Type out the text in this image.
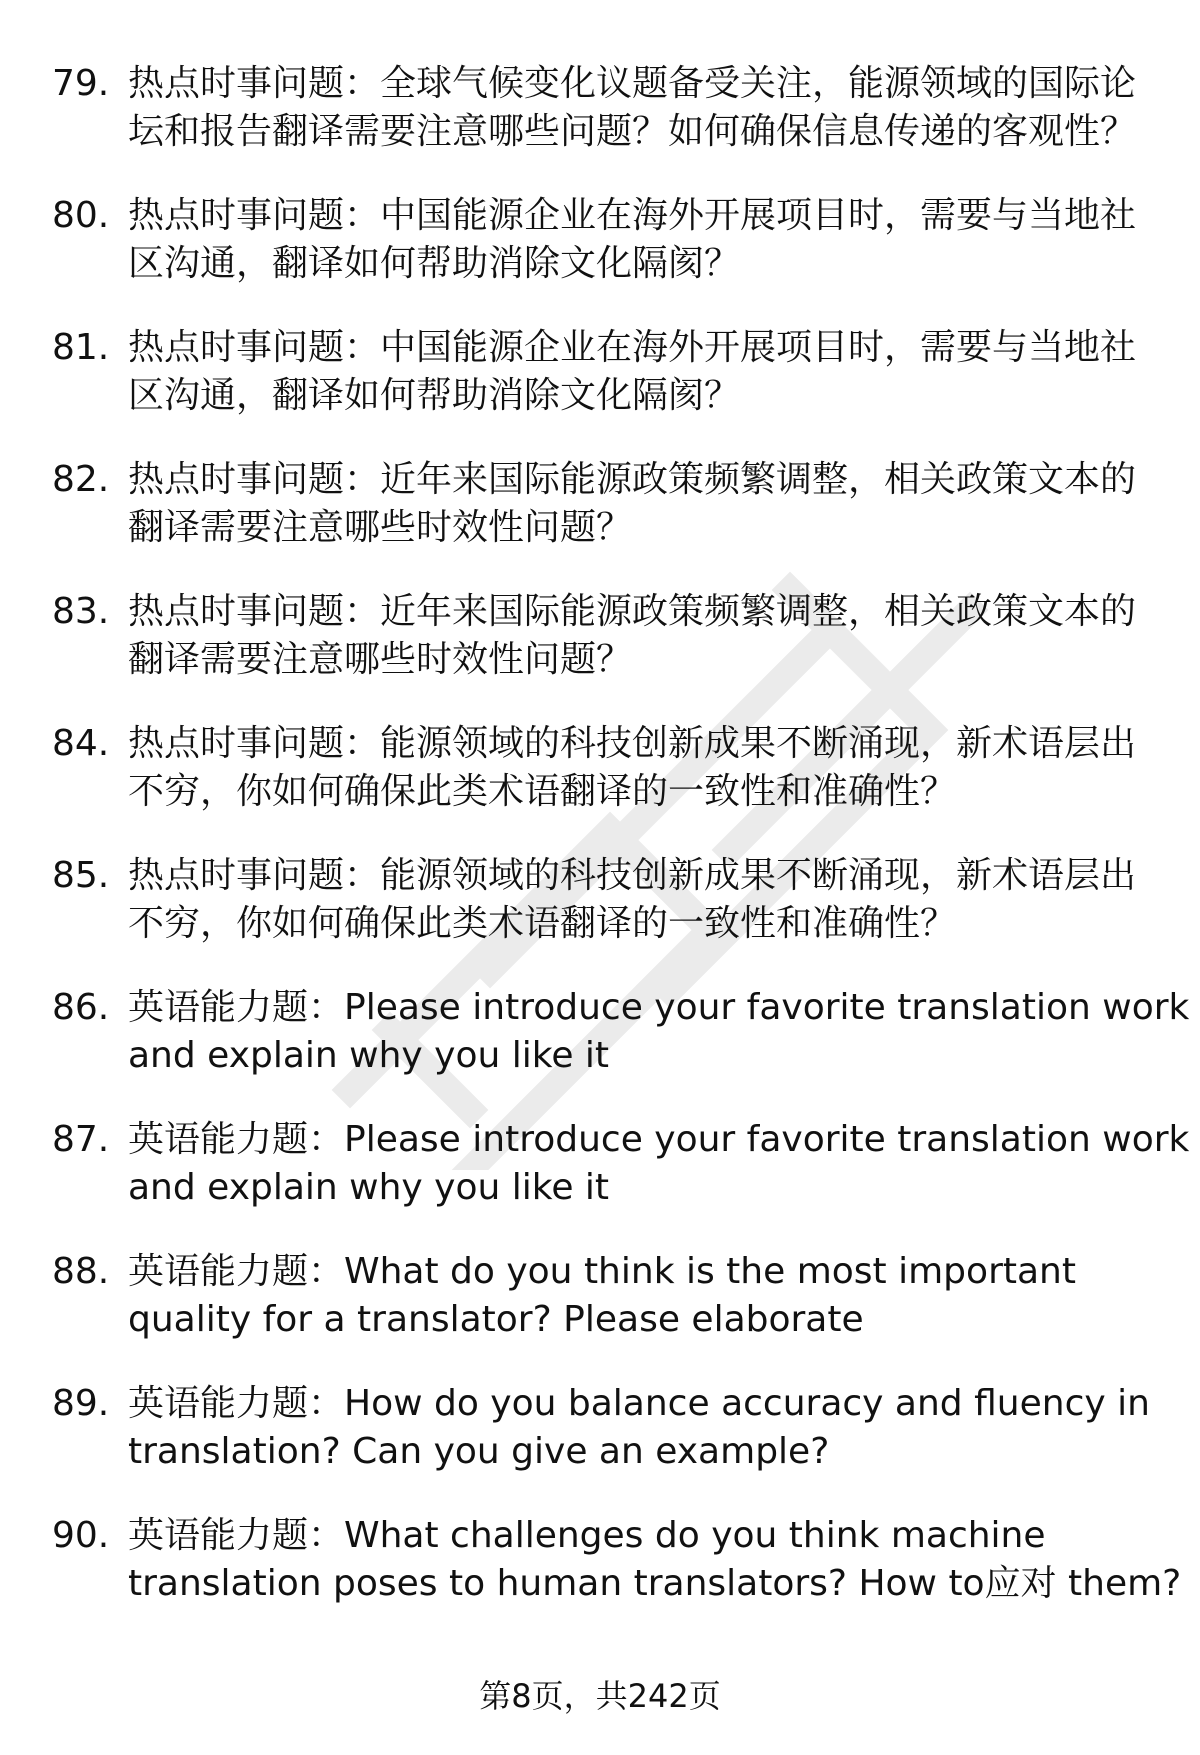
79. 热点时事问题：全球气候变化议题备受关注，能源领域的国际论
坛和报告翻译需要注意哪些问题？如何确保信息传递的客观性？
80. 热点时事问题：中国能源企业在海外开展项目时，需要与当地社
区沟通，翻译如何帮助消除文化隔阂？
81. 热点时事问题：中国能源企业在海外开展项目时，需要与当地社
区沟通，翻译如何帮助消除文化隔阂？
82. 热点时事问题：近年来国际能源政策频繁调整，相关政策文本的
翻译需要注意哪些时效性问题？
83. 热点时事问题：近年来国际能源政策频繁调整，相关政策文本的
翻译需要注意哪些时效性问题？
84. 热点时事问题：能源领域的科技创新成果不断涌现，新术语层出
不穷，你如何确保此类术语翻译的一致性和准确性？
85. 热点时事问题：能源领域的科技创新成果不断涌现，新术语层出
不穷，你如何确保此类术语翻译的一致性和准确性？
86. 英语能力题：Please introduce your favorite translation work
and explain why you like it
87. 英语能力题：Please introduce your favorite translation work
and explain why you like it
88. 英语能力题：What do you think is the most important
quality for a translator? Please elaborate
89. 英语能力题：How do you balance accuracy and fluency in
translation? Can you give an example?
90. 英语能力题：What challenges do you think machine
translation poses to human translators? How to应对 them?
第8页，共242页
